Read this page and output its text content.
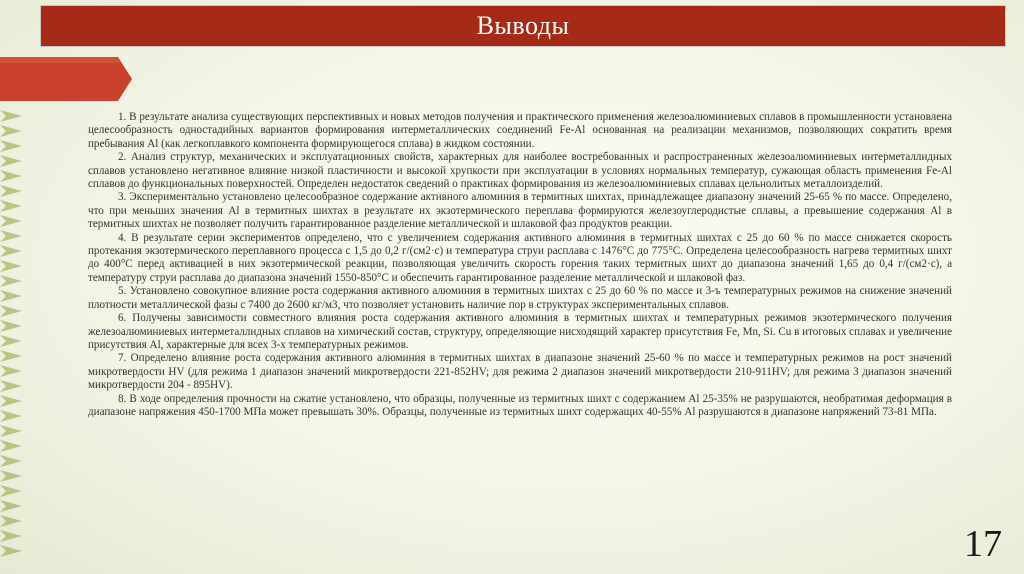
Выводы

1. В результате анализа существующих перспективных и новых методов получения и практического применения железоалюминиевых сплавов в промышленности установлена целесообразность одностадийных вариантов формирования интерметаллических соединений Fe-Al основанная на реализации механизмов, позволяющих сократить время пребывания Al (как легкоплавкого компонента формирующегося сплава) в жидком состоянии.

2. Анализ структур, механических и эксплуатационных свойств, характерных для наиболее востребованных и распространенных железоалюминиевых интерметаллидных сплавов установлено негативное влияние низкой пластичности и высокой хрупкости при эксплуатации в условиях нормальных температур, сужающая область применения Fe-Al сплавов до функциональных поверхностей. Определен недостаток сведений о практиках формирования из железоалюминиевых сплавах цельнолитых металлоизделий.

3. Экспериментально установлено целесообразное содержание активного алюминия в термитных шихтах, принадлежащее диапазону значений 25-65 % по массе. Определено, что при меньших значения Al в термитных шихтах в результате их экзотермического переплава формируются железоуглеродистые сплавы, а превышение содержания Al в термитных шихтах не позволяет получить гарантированное разделение металлической и шлаковой фаз продуктов реакции.

4. В результате серии экспериментов определено, что с увеличением содержания активного алюминия в термитных шихтах с 25 до 60 % по массе снижается скорость протекания экзотермического переплавного процесса с 1,5 до 0,2 г/(см2·с) и температура струи расплава с 1476°С до 775°С. Определена целесообразность нагрева термитных шихт до 400°С перед активацией в них экзотермической реакции, позволяющая увеличить скорость горения таких термитных шихт до диапазона значений 1,65 до 0,4 г/(см2·с), а температуру струи расплава до диапазона значений 1550-850°С и обеспечить гарантированное разделение металлической и шлаковой фаз.

5. Установлено совокупное влияние роста содержания активного алюминия в термитных шихтах с 25 до 60 % по массе и 3-ъ температурных режимов на снижение значений плотности металлической фазы с 7400 до 2600 кг/м3, что позволяет установить наличие пор в структурах экспериментальных сплавов.

6. Получены зависимости совместного влияния роста содержания активного алюминия в термитных шихтах и температурных режимов экзотермического получения железоалюминиевых интерметаллидных сплавов на химический состав, структуру, определяющие нисходящий характер присутствия Fe, Mn, Si. Cu в итоговых сплавах и увеличение присутствия Al, характерные для всех 3-х температурных режимов.

7. Определено влияние роста содержания активного алюминия в термитных шихтах в диапазоне значений 25-60 % по массе и температурных режимов на рост значений микротвердости HV (для режима 1 диапазон значений микротвердости 221-852HV; для режима 2 диапазон значений микротвердости 210-911HV; для режима 3 диапазон значений микротвердости 204 - 895HV).

8. В ходе определения прочности на сжатие установлено, что образцы, полученные из термитных шихт с содержанием Al 25-35% не разрушаются, необратимая деформация в диапазоне напряжения 450-1700 МПа может превышать 30%. Образцы, полученные из термитных шихт содержащих 40-55% Al разрушаются в диапазоне напряжений 73-81 МПа.

17
